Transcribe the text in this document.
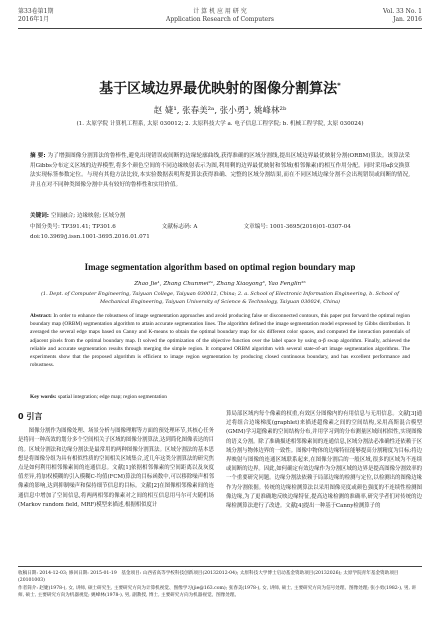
第33卷第1期
2016年1月
计 算 机 应 用 研 究
Application Research of Computers
Vol. 33 No. 1
Jan. 2016
基于区域边界最优映射的图像分割算法*
赵 婕¹, 张春美²ᵃ, 张小勇³, 姚峰林²ᵇ
(1. 太原学院 计算机工程系, 太原 030012; 2. 太原科技大学 a. 电子信息工程学院; b. 机械工程学院, 太原 030024)
摘 要: 为了增强图像分割算法的鲁棒性,避免出现错误或间断的边缘轮廓曲线,获得准确的区域分割线,提出区域边界最优映射分割(ORBM)算法。该算法采用Gibbs分布定义区域的边界模型,将多个颜色空间的不同边缘映射表示为图,利用剩的边界最优映射和邻域(相邻像素)的相互作用分配。同时采用αβ交换算法实现标签参数定位。与现有其他方法比较,本实验数据表明所提算法获得准确、完整的区域分割结果,而在不同区域边缘分割不会出现错误或间断的情况,并且在对不同种类图像分割中具有较好的鲁棒性和实用价值。
关键词: 空间融合; 边缘映射; 区域分割
中图分类号: TP391.41; TP301.6	文献标志码: A	文章编号: 1001-3695(2016)01-0307-04
doi:10.3969/j.issn.1001-3695.2016.01.071
Image segmentation algorithm based on optimal region boundary map
Zhao Jie¹, Zhang Chunmei²ᵃ, Zhang Xiaoyong³, Yao Fenglin²ᵇ
(1. Dept. of Computer Engineering, Taiyuan College, Taiyuan 030012, China; 2. a. School of Electronic Information Engineering, b. School of Mechanical Engineering, Taiyuan University of Science & Technology, Taiyuan 030024, China)
Abstract: In order to enhance the robustness of image segmentation approaches and avoid producing false or disconnected contours, this paper put forward the optimal region boundary map (ORBM) segmentation algorithm to attain accurate segmentation lines. The algorithm defined the image segmentation model expressed by Gibbs distribution. It averaged the several edge maps based on Canny and K-means to obtain the optimal boundary map for six different color spaces, and computed the interaction potentials of adjacent pixels from the optimal boundary map. It solved the optimization of the objective function over the label space by using α-β swap algorithm. Finally, achieved the reliable and accurate segmentation results through merging the simple region. It compared ORBM algorithm with several state-of-art image segmentation algorithms. The experiments show that the proposed algorithm is efficient to image region segmentation by producing closed continuous boundary, and has excellent performance and robustness.
Key words: spatial integration; edge map; region segmentation
0 引言
图像分割作为图像处理、场景分析与图像理解等方面的预处理环节,其核心任务是将同一种高效的划分多个空间相关子区域的图像分割算法,达到简化图像表达的目的。区域分割法和边缘分割法是最常用的两种图像分割算法。区域分割法的基本思想是将图像分组为具有相似性质的空间相关区域集合,近几年这类分割算法的研究焦点是如何利用相邻像素间的连通信息。文献[1]依据相邻像素的空间距离以及灰度值差异,将加权模糊的引入模糊C-均值(FCM)算法的目标函数中,可以移除噪声相邻像素的影响,达到抑制噪声和保持细节信息的目标。文献[2]在图像相邻像素间的连通信息中增加了空间信息,将两两相邻的像素对之间的相互信息用马尔可夫随机场(Markov random field, MRF)模型来描述,根据相似度计
算局部区域内每个像素的权重,有效区分图像内的有用信息与无用信息。文献[3]通过将组合边缘梯度(graphlet)来描述超像素之间的空间结构,采用高斯混合模型(GMM)学习超像素的空间结构分布,并用学习到的分布测量区域间相似性,实现图像的语义分割。除了准确描述相邻像素间的连通信息,区域分割法必准确性还依赖于区域分割与物体边界的一致性。图像中物体的边缘特征能够提高分割精度为目标;将边界映射与图像的连通区域联系起来,在图像分割后的一般区域,很多的区域为不连续或间断的边界。因此,如何确定有效边缘作为分割区域的边界是提高图像分割效率的一个重要研究问题。边缘分割法依赖于局部边缘的检测与定位,以检测出的图像边缘作为分割依据。传统的边缘检测算法以采用图像亮度或颜色强度的不连续性检测图像边缘,为了更准确地反映边缘特征,提高边缘检测的准确率,研究学者们对传统的边缘检测算法进行了改进。文献[4]提出一种基于Canny检测算子的
收稿日期: 2014-12-03; 修回日期: 2015-01-19　基金项目: 山西省高等学校科技创新项目(20132012-04); 太原科技大学博士启动基金资助项目(20132026); 太原学院青年基金资助项目(20101003)
作者简介: 赵婕(1978-), 女, 讲师, 硕士研究生, 主要研究方向为计算机视觉、图像学习(jie@163.com); 张春美(1978-), 女, 讲师, 硕士, 主要研究方向为信号处理、图像处理; 张小勇(1982-), 男, 讲师, 硕士, 主要研究方向为机器视觉; 姚峰林(1978-), 男, 副教授, 博士, 主要研究方向为机器视觉、图像处理。
